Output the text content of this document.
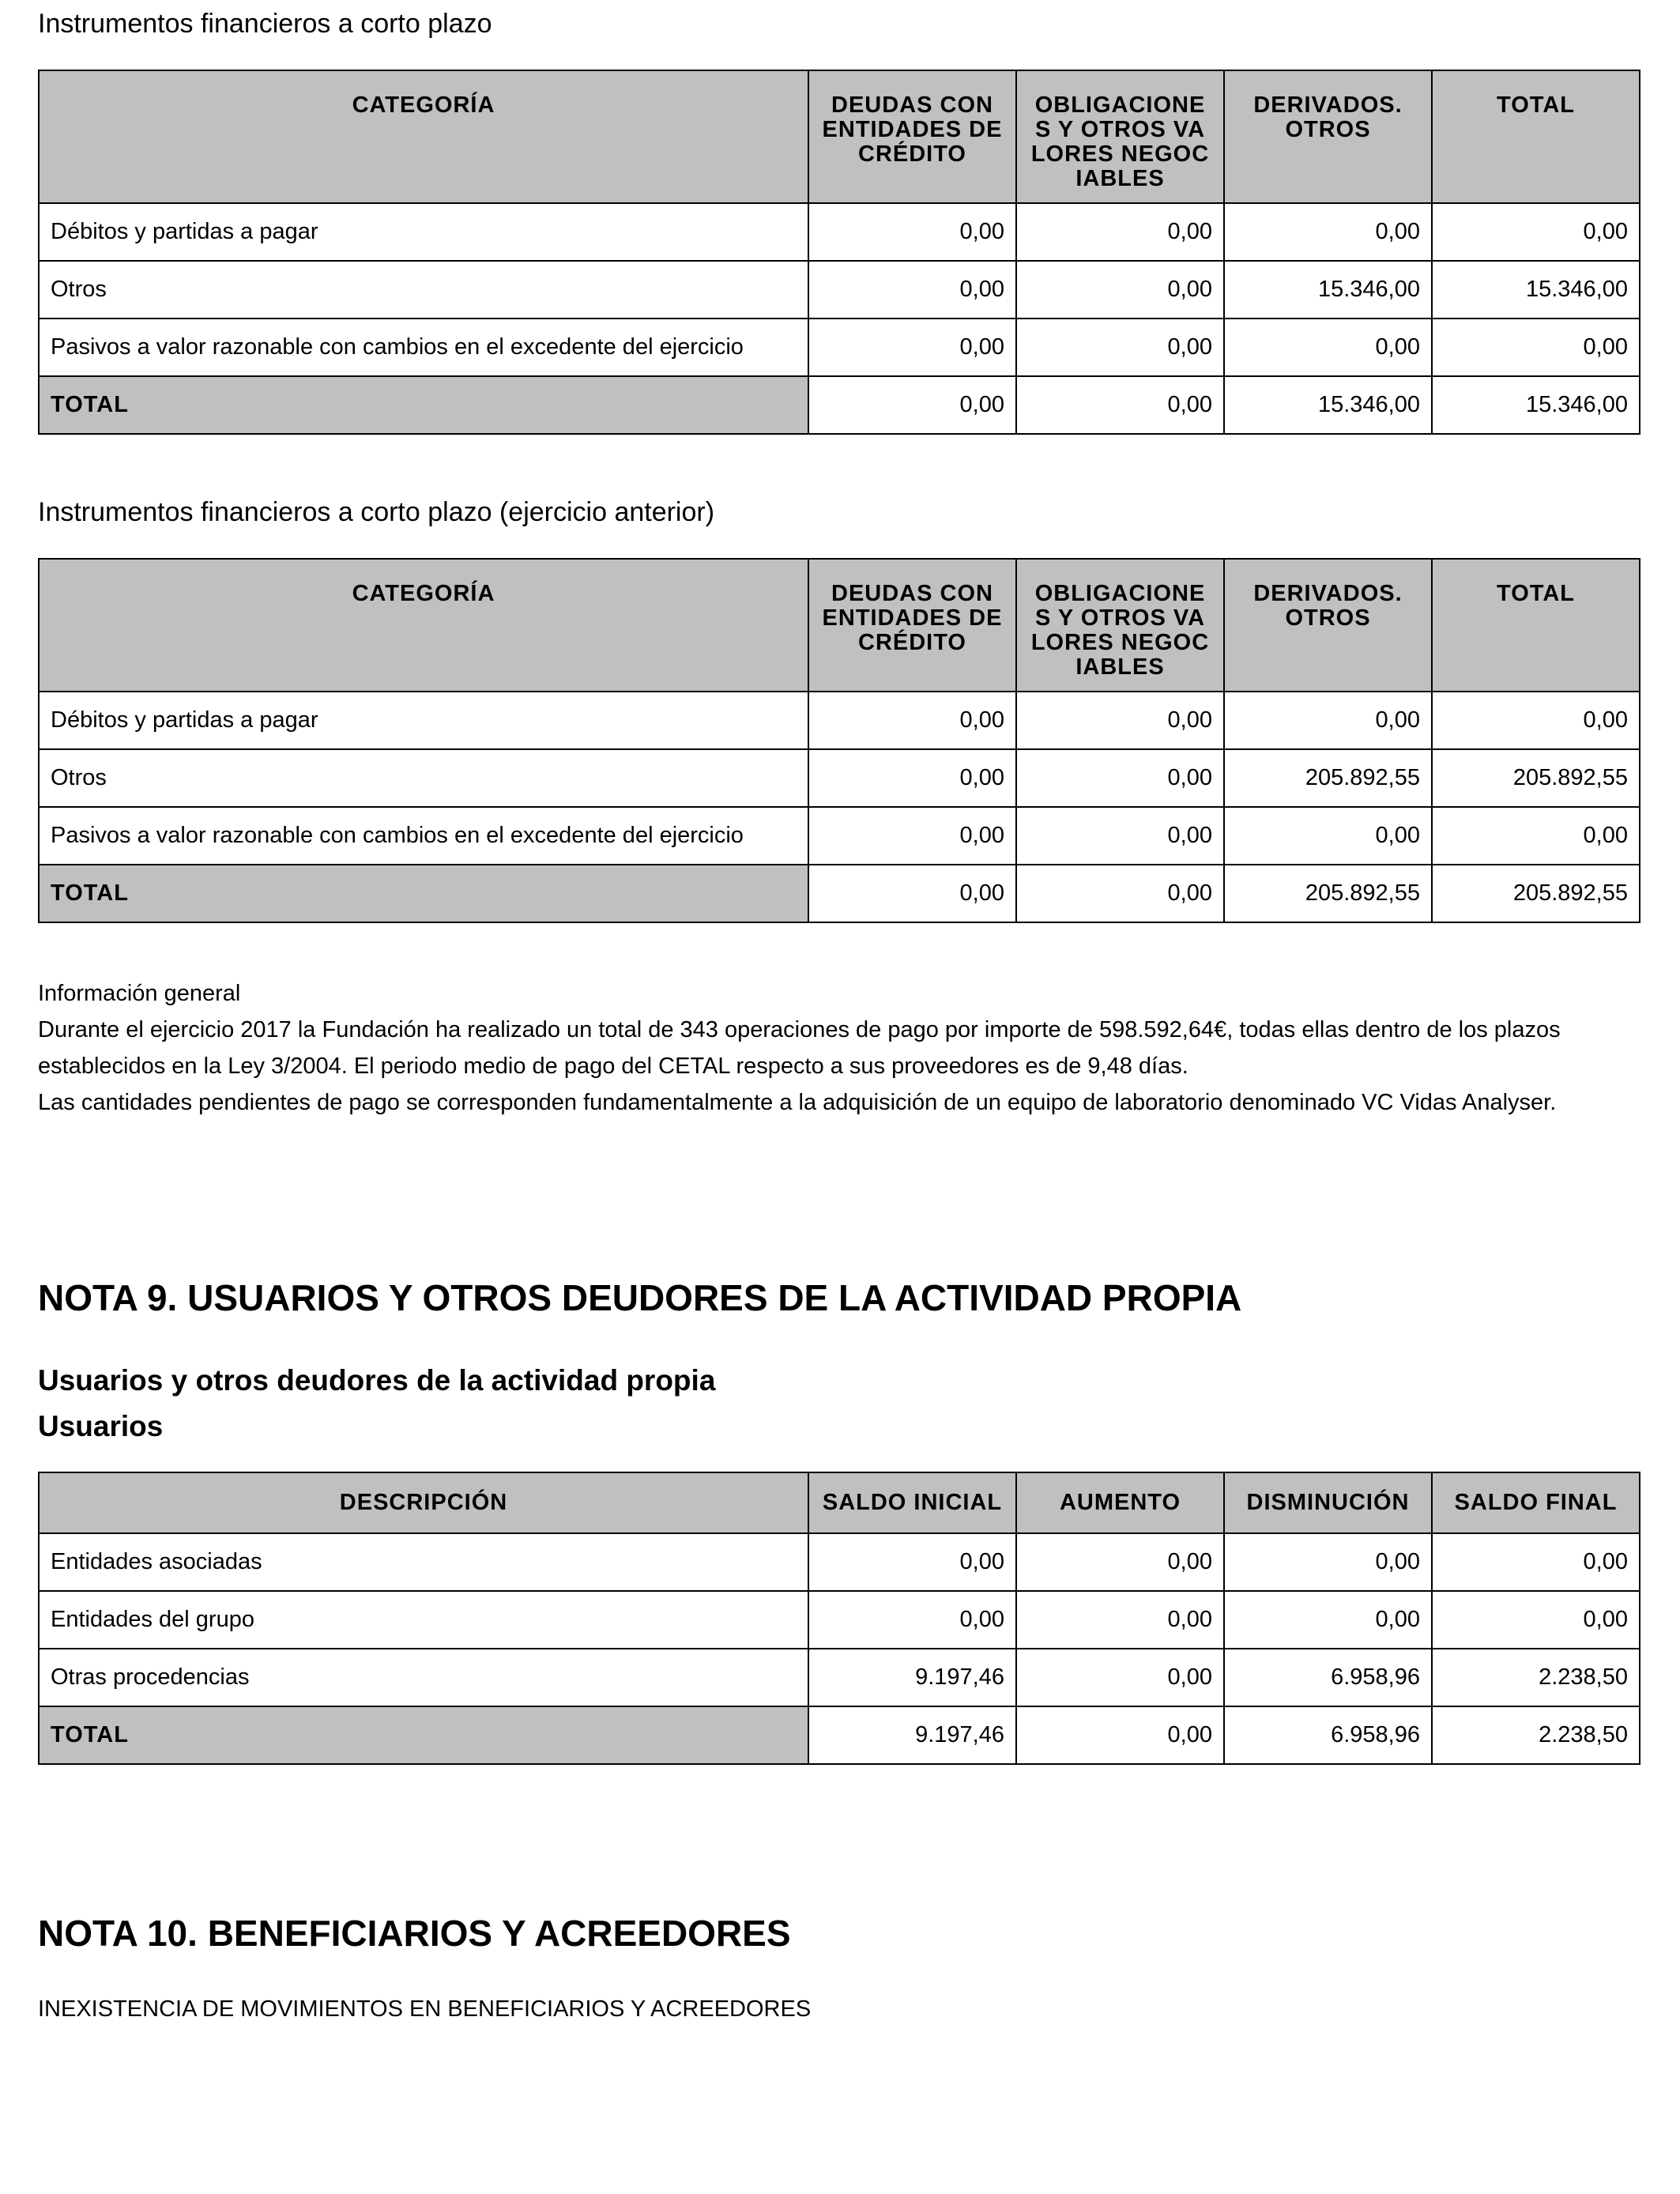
Instrumentos financieros a corto plazo

CATEGORÍA	DEUDAS CON ENTIDADES DE CRÉDITO	OBLIGACIONES Y OTROS VALORES NEGOCIABLES	DERIVADOS. OTROS	TOTAL
Débitos y partidas a pagar	0,00	0,00	0,00	0,00
Otros	0,00	0,00	15.346,00	15.346,00
Pasivos a valor razonable con cambios en el excedente del ejercicio	0,00	0,00	0,00	0,00
TOTAL	0,00	0,00	15.346,00	15.346,00

Instrumentos financieros a corto plazo (ejercicio anterior)

CATEGORÍA	DEUDAS CON ENTIDADES DE CRÉDITO	OBLIGACIONES Y OTROS VALORES NEGOCIABLES	DERIVADOS. OTROS	TOTAL
Débitos y partidas a pagar	0,00	0,00	0,00	0,00
Otros	0,00	0,00	205.892,55	205.892,55
Pasivos a valor razonable con cambios en el excedente del ejercicio	0,00	0,00	0,00	0,00
TOTAL	0,00	0,00	205.892,55	205.892,55

Información general

Durante el ejercicio 2017 la Fundación ha realizado un total de 343 operaciones de pago por importe de 598.592,64€, todas ellas dentro de los plazos establecidos en la Ley 3/2004. El periodo medio de pago del CETAL respecto a sus proveedores es de 9,48 días.

Las cantidades pendientes de pago se corresponden fundamentalmente a la adquisición de un equipo de laboratorio denominado VC Vidas Analyser.

NOTA 9. USUARIOS Y OTROS DEUDORES DE LA ACTIVIDAD PROPIA
Usuarios y otros deudores de la actividad propia
Usuarios
DESCRIPCIÓN	SALDO INICIAL	AUMENTO	DISMINUCIÓN	SALDO FINAL
Entidades asociadas	0,00	0,00	0,00	0,00
Entidades del grupo	0,00	0,00	0,00	0,00
Otras procedencias	9.197,46	0,00	6.958,96	2.238,50
TOTAL	9.197,46	0,00	6.958,96	2.238,50
NOTA 10. BENEFICIARIOS Y ACREEDORES

INEXISTENCIA DE MOVIMIENTOS EN BENEFICIARIOS Y ACREEDORES
